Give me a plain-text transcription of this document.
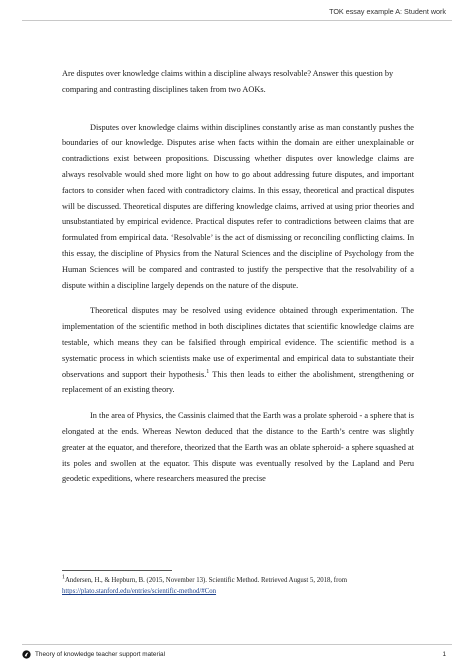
TOK essay example A: Student work

Are disputes over knowledge claims within a discipline always resolvable? Answer this question by comparing and contrasting disciplines taken from two AOKs.

Disputes over knowledge claims within disciplines constantly arise as man constantly pushes the boundaries of our knowledge. Disputes arise when facts within the domain are either unexplainable or contradictions exist between propositions. Discussing whether disputes over knowledge claims are always resolvable would shed more light on how to go about addressing future disputes, and important factors to consider when faced with contradictory claims. In this essay, theoretical and practical disputes will be discussed. Theoretical disputes are differing knowledge claims, arrived at using prior theories and unsubstantiated by empirical evidence. Practical disputes refer to contradictions between claims that are formulated from empirical data. ‘Resolvable’ is the act of dismissing or reconciling conflicting claims. In this essay, the discipline of Physics from the Natural Sciences and the discipline of Psychology from the Human Sciences will be compared and contrasted to justify the perspective that the resolvability of a dispute within a discipline largely depends on the nature of the dispute.

Theoretical disputes may be resolved using evidence obtained through experimentation. The implementation of the scientific method in both disciplines dictates that scientific knowledge claims are testable, which means they can be falsified through empirical evidence. The scientific method is a systematic process in which scientists make use of experimental and empirical data to substantiate their observations and support their hypothesis.$^1$ This then leads to either the abolishment, strengthening or replacement of an existing theory.

In the area of Physics, the Cassinis claimed that the Earth was a prolate spheroid - a sphere that is elongated at the ends. Whereas Newton deduced that the distance to the Earth’s centre was slightly greater at the equator, and therefore, theorized that the Earth was an oblate spheroid- a sphere squashed at its poles and swollen at the equator. This dispute was eventually resolved by the Lapland and Peru geodetic expeditions, where researchers measured the precise

$^1$Andersen, H., & Hepburn, B. (2015, November 13). Scientific Method. Retrieved August 5, 2018, from https://plato.stanford.edu/entries/scientific-method/#Con
Theory of knowledge teacher support material	1
